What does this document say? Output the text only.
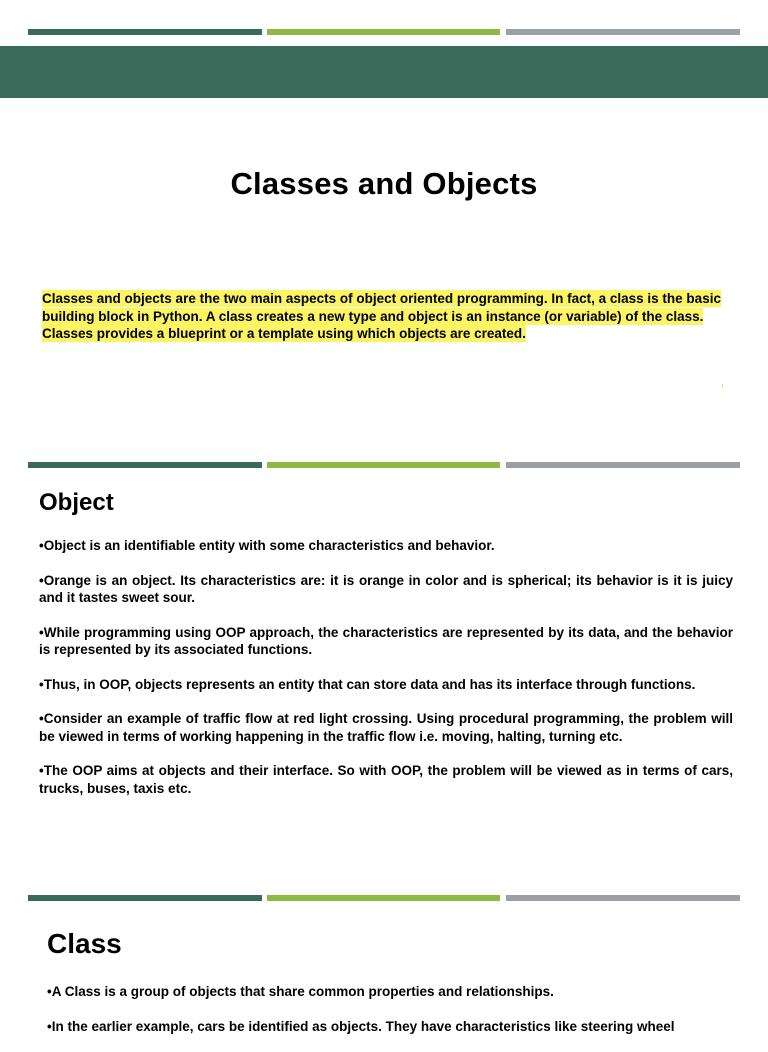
Classes and Objects
Classes and objects are the two main aspects of object oriented programming. In fact, a class is the basic building block in Python. A class creates a new type and object is an instance (or variable) of the class. Classes provides a blueprint or a template using which objects are created.
Object
•Object is an identifiable entity with some characteristics and behavior.
•Orange is an object. Its characteristics are: it is orange in color and is spherical; its behavior is it is juicy and it tastes sweet sour.
•While programming using OOP approach, the characteristics are represented by its data, and the behavior is represented by its associated functions.
•Thus, in OOP, objects represents an entity that can store data and has its interface through functions.
•Consider an example of traffic flow at red light crossing. Using procedural programming, the problem will be viewed in terms of working happening in the traffic flow i.e. moving, halting, turning etc.
•The OOP aims at objects and their interface. So with OOP, the problem will be viewed as in terms of cars, trucks, buses, taxis etc.
Class
•A Class is a group of objects that share common properties and relationships.
•In the earlier example, cars be identified as objects. They have characteristics like steering wheel
